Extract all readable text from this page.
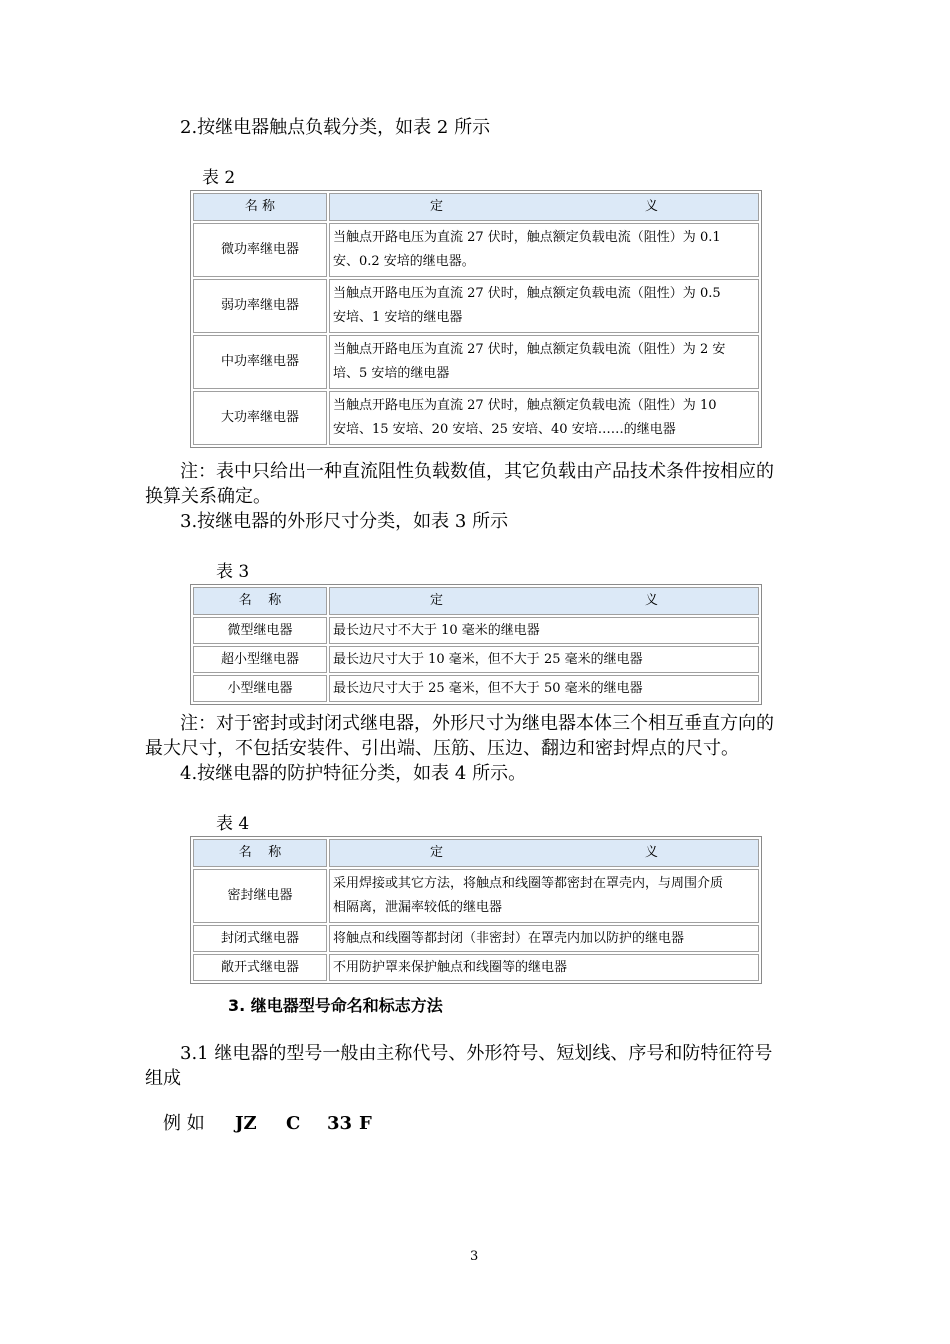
2.按继电器触点负载分类，如表 2 所示
表 2
名 称	定 义

微功率继电器	当触点开路电压为直流 27 伏时，触点额定负载电流（阻性）为 0.1
安、0.2 安培的继电器。

弱功率继电器	当触点开路电压为直流 27 伏时，触点额定负载电流（阻性）为 0.5
安培、1 安培的继电器

中功率继电器	当触点开路电压为直流 27 伏时，触点额定负载电流（阻性）为 2 安
培、5 安培的继电器

大功率继电器	当触点开路电压为直流 27 伏时，触点额定负载电流（阻性）为 10
安培、15 安培、20 安培、25 安培、40 安培……的继电器
注：表中只给出一种直流阻性负载数值，其它负载由产品技术条件按相应的
换算关系确定。
3.按继电器的外形尺寸分类，如表 3 所示
表 3
名    称	定 义

微型继电器	最长边尺寸不大于 10 毫米的继电器
超小型继电器	最长边尺寸大于 10 毫米，但不大于 25 毫米的继电器
小型继电器	最长边尺寸大于 25 毫米，但不大于 50 毫米的继电器
注：对于密封或封闭式继电器，外形尺寸为继电器本体三个相互垂直方向的
最大尺寸，不包括安装件、引出端、压筋、压边、翻边和密封焊点的尺寸。
4.按继电器的防护特征分类，如表 4 所示。
表 4
名    称	定 义

密封继电器	采用焊接或其它方法，将触点和线圈等都密封在罩壳内，与周围介质
相隔离，泄漏率较低的继电器

封闭式继电器	将触点和线圈等都封闭（非密封）在罩壳内加以防护的继电器
敞开式继电器	不用防护罩来保护触点和线圈等的继电器
3. 继电器型号命名和标志方法
3.1 继电器的型号一般由主称代号、外形符号、短划线、序号和防特征符号
组成
例 如 JZ C 33 F
3
